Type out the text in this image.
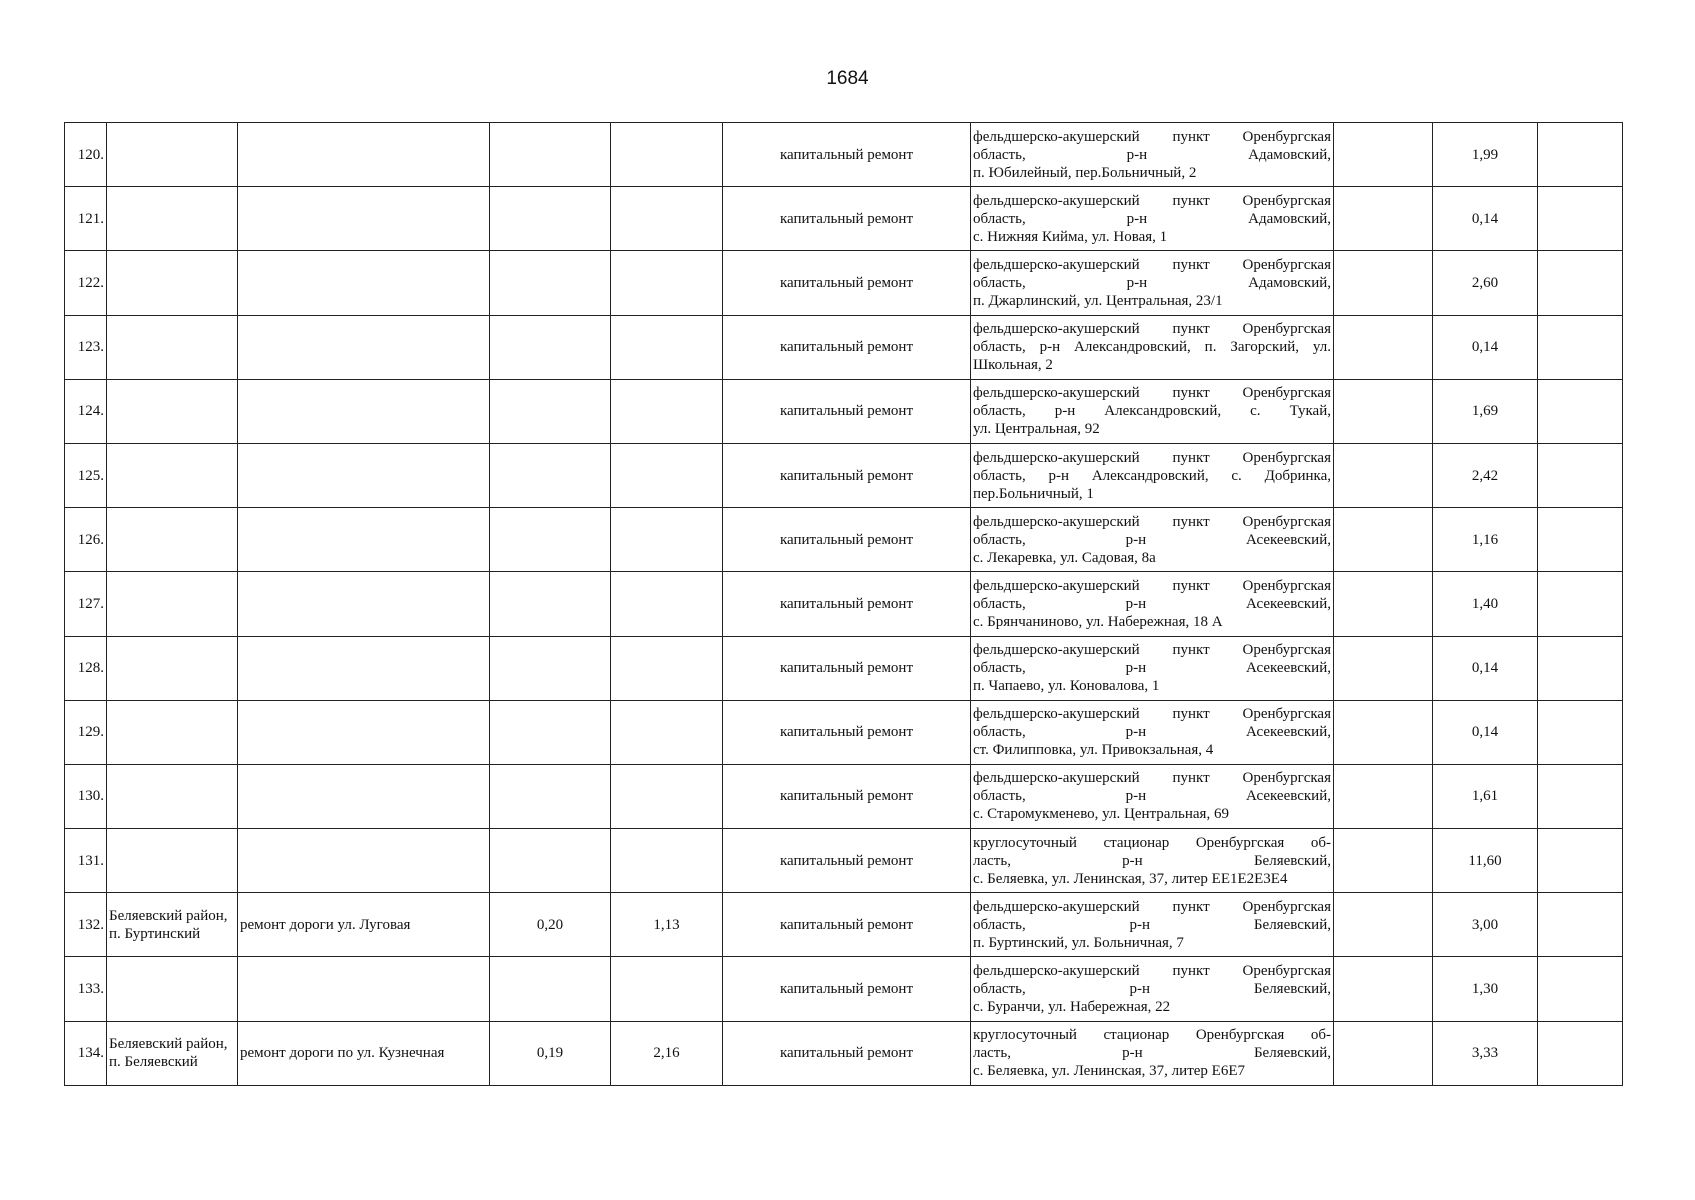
1684
120.					капитальный ремонт	фельдшерско-акушерский пункт Оренбургская
область, р-н Адамовский,
п. Юбилейный, пер.Больничный, 2		1,99	
121.					капитальный ремонт	фельдшерско-акушерский пункт Оренбургская
область, р-н Адамовский,
с. Нижняя Кийма, ул. Новая, 1		0,14	
122.					капитальный ремонт	фельдшерско-акушерский пункт Оренбургская
область, р-н Адамовский,
п. Джарлинский, ул. Центральная, 23/1		2,60	
123.					капитальный ремонт	фельдшерско-акушерский пункт Оренбургская
область, р-н Александровский, п. Загорский, ул.
Школьная, 2		0,14	
124.					капитальный ремонт	фельдшерско-акушерский пункт Оренбургская
область, р-н Александровский, с. Тукай,
ул. Центральная, 92		1,69	
125.					капитальный ремонт	фельдшерско-акушерский пункт Оренбургская
область, р-н Александровский, с. Добринка,
пер.Больничный, 1		2,42	
126.					капитальный ремонт	фельдшерско-акушерский пункт Оренбургская
область, р-н Асекеевский,
с. Лекаревка, ул. Садовая, 8а		1,16	
127.					капитальный ремонт	фельдшерско-акушерский пункт Оренбургская
область, р-н Асекеевский,
с. Брянчаниново, ул. Набережная, 18 А		1,40	
128.					капитальный ремонт	фельдшерско-акушерский пункт Оренбургская
область, р-н Асекеевский,
п. Чапаево, ул. Коновалова, 1		0,14	
129.					капитальный ремонт	фельдшерско-акушерский пункт Оренбургская
область, р-н Асекеевский,
ст. Филипповка, ул. Привокзальная, 4		0,14	
130.					капитальный ремонт	фельдшерско-акушерский пункт Оренбургская
область, р-н Асекеевский,
с. Старомукменево, ул. Центральная, 69		1,61	
131.					капитальный ремонт	круглосуточный стационар Оренбургская об-
ласть, р-н Беляевский,
с. Беляевка, ул. Ленинская, 37, литер ЕЕ1Е2Е3Е4		11,60	
132.	Беляевский район, п. Буртинский	ремонт дороги ул. Луговая	0,20	1,13	капитальный ремонт	фельдшерско-акушерский пункт Оренбургская
область, р-н Беляевский,
п. Буртинский, ул. Больничная, 7		3,00	
133.					капитальный ремонт	фельдшерско-акушерский пункт Оренбургская
область, р-н Беляевский,
с. Буранчи, ул. Набережная, 22		1,30	
134.	Беляевский район, п. Беляевский	ремонт дороги по ул. Кузнечная	0,19	2,16	капитальный ремонт	круглосуточный стационар Оренбургская об-
ласть, р-н Беляевский,
с. Беляевка, ул. Ленинская, 37, литер Е6Е7		3,33	
